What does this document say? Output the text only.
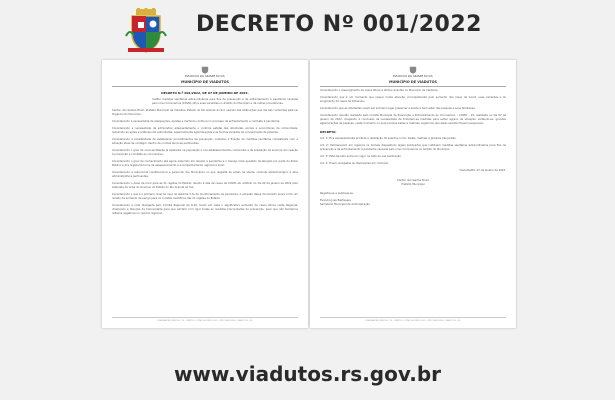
DECRETO Nº 001/2022
ESTADO DO RIO GRANDE DO SUL
MUNICÍPIO DE VIADUTOS
DECRETO N.º 001/2022, DE 07 DE JANEIRO DE 2022.

Institui medidas sanitárias extraordinárias para fins de prevenção e de enfrentamento à pandemia causada pelo novo Coronavírus (COVID-19) e suas variantes no âmbito do Município e dá outras providências.

Cleiton dos Santos Brum, Prefeito Municipal de Viadutos, Estado do Rio Grande do Sul, usando das atribuições que lhe são conferidas pela Lei Orgânica do Município,

Considerando a necessidade de adequações, ajustes e melhoria contínua no processo de enfrentamento e combate à pandemia;

Considerando a necessidade de administrar adequadamente o controle estatal das atividades sociais e econômicas da comunidade, reduzindo as ações e práticas não autorizadas, especialmente aglomerações e as formas variadas de concentração de pessoas;

Considerando a possibilidade de estabelecer procedimentos de prevenção, cuidados e fixação de medidas sanitárias compatíveis com a situação atual de contágio, dentro de normas técnicas pertinentes;

Considerando o grau de conscientização já existente na população e nos estabelecimentos comerciais e de prestação de serviços em relação à prevenção e combate ao coronavírus;

Considerando o grau de conhecimento até agora adquirido em relação à pandemia e o manejo mais ajustado da atuação por parte do Poder Público e dos órgãos técnicos de assessoramento e acompanhamento regional e local;

Considerando a autonomia constitucional e gerencial dos Municípios no que respeita às ações de saúde, controle epidemiológico e atos administrativos pertinentes;

Considerando o Aviso de risco para as 21 regiões do Estado, devido à alta de casos de COVID-19, emitido no dia 04 de janeiro de 2022 pelo Gabinete de Crise do Governo do Estado do Rio Grande do Sul;

Considerando o que é o primeiro nível de risco do sistema 3 As de monitoramento da pandemia. A emissão desse documento serve como um recado de aumento de perigo para os comitês científicos das 21 regiões do Estado;

Considerando a nota divulgada pelo Comitê Regional da R-16, tendo em vista o significativo aumento de casos ativos nesta Regional, chamando a Atenção da Comunidade para que adotem com rigor todas as medidas preconizadas de prevenção, para que não tenhamos reflexos negativos no cenário regional;

RUA MARTINS MIGOSO, 10 - CENTRO - FONE: 54 3355 1000 - CEP: 99820-000 - VIADUTOS - RS
ESTADO DO RIO GRANDE DO SUL
MUNICÍPIO DE VIADUTOS

Considerando o ressurgimento de casos ativos e óbitos recentes no Município de Viadutos;

Considerando que é um momento que requer muita atenção, principalmente pelo aumento dos casos de Covid, suas variantes e do surgimento de casos de Influenza;

Considerando que as atividades visam em primeiro lugar preservar a saúde e bem estar das pessoas e seus familiares;

Considerando reunião realizada pelo Comitê Municipal de Prevenção e Enfrentamento ao Coronavírus – COVID – 19, realizada no dia 07 de janeiro de 2022, chegando à conclusão da necessidade de tomarem-se medidas para evitar agravo da situação, evitando-se, grandes aglomerações de pessoas, neste momento no qual envolve bailes e matinês, sugerindo que estes eventos fiquem suspensos;

DECRETA:

Art. 1º Fica expressamente proibida a realização de eventos como: bailes, matinês e jantares dançantes.

Art. 2º Permanecem em vigência os demais dispositivos legais publicados que instituem medidas sanitárias extraordinárias para fins de prevenção e de enfrentamento à pandemia causada pelo novo Coronavírus no âmbito do Município.

Art. 3º Este Decreto entra em vigor na data de sua publicação.

Art. 4º Ficam revogadas as disposições em contrário.

Viadutos/RS, 07 de janeiro de 2022.

Cleiton dos Santos Brum
Prefeito Municipal

Registre-se e publique-se.

Evandro José Baldissera
Secretário Municipal de Administração
RUA MARTINS MIGOSO, 10 - CENTRO - FONE: 54 3355 1000 - CEP: 99820-000 - VIADUTOS - RS
www.viadutos.rs.gov.br
